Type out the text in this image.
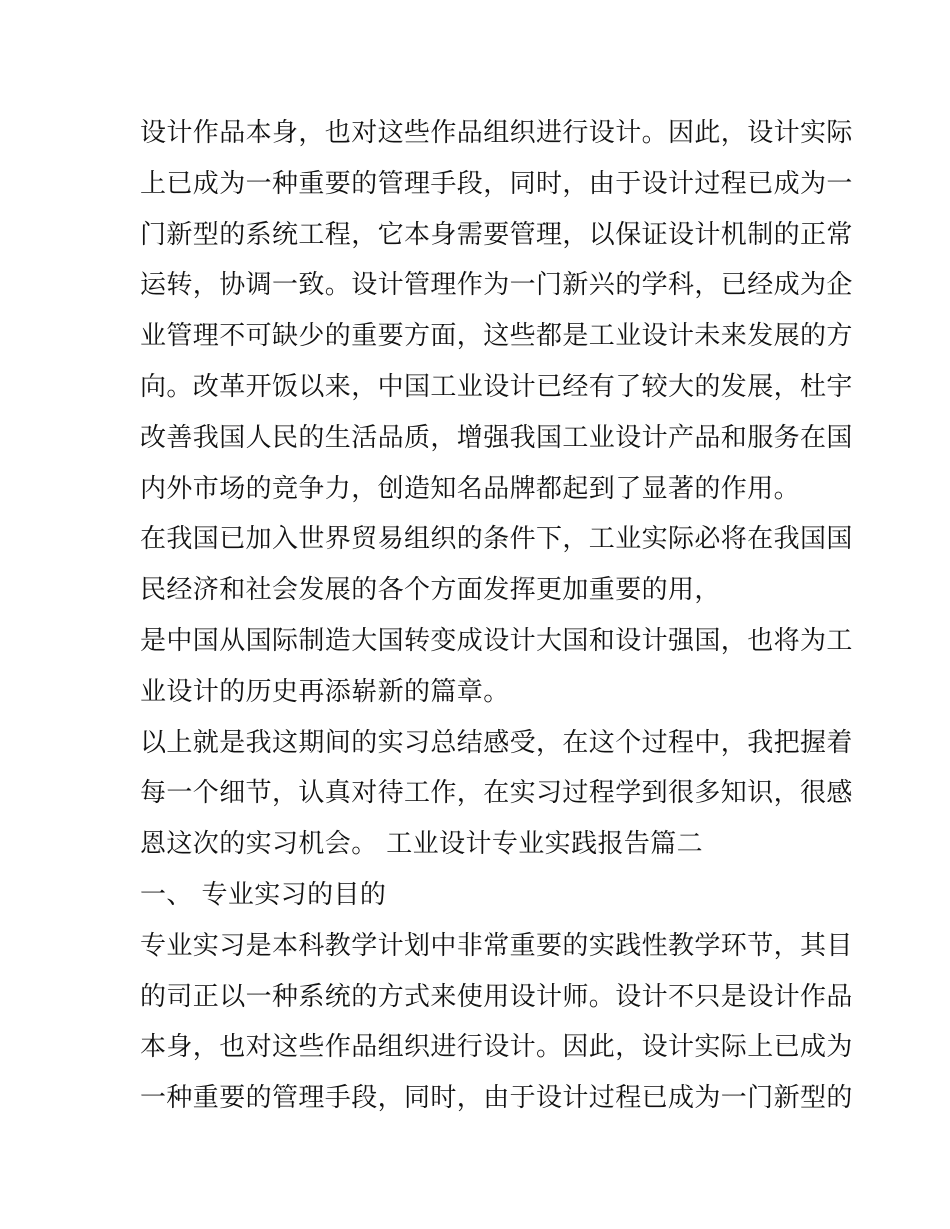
设计作品本身，也对这些作品组织进行设计。因此，设计实际
上已成为一种重要的管理手段，同时，由于设计过程已成为一
门新型的系统工程，它本身需要管理，以保证设计机制的正常
运转，协调一致。设计管理作为一门新兴的学科，已经成为企
业管理不可缺少的重要方面，这些都是工业设计未来发展的方
向。改革开饭以来，中国工业设计已经有了较大的发展，杜宇
改善我国人民的生活品质，增强我国工业设计产品和服务在国
内外市场的竞争力，创造知名品牌都起到了显著的作用。
在我国已加入世界贸易组织的条件下，工业实际必将在我国国
民经济和社会发展的各个方面发挥更加重要的用，
是中国从国际制造大国转变成设计大国和设计强国，也将为工
业设计的历史再添崭新的篇章。
以上就是我这期间的实习总结感受，在这个过程中，我把握着
每一个细节，认真对待工作，在实习过程学到很多知识，很感
恩这次的实习机会。 工业设计专业实践报告篇二
一、 专业实习的目的
专业实习是本科教学计划中非常重要的实践性教学环节，其目
的司正以一种系统的方式来使用设计师。设计不只是设计作品
本身，也对这些作品组织进行设计。因此，设计实际上已成为
一种重要的管理手段，同时，由于设计过程已成为一门新型的
